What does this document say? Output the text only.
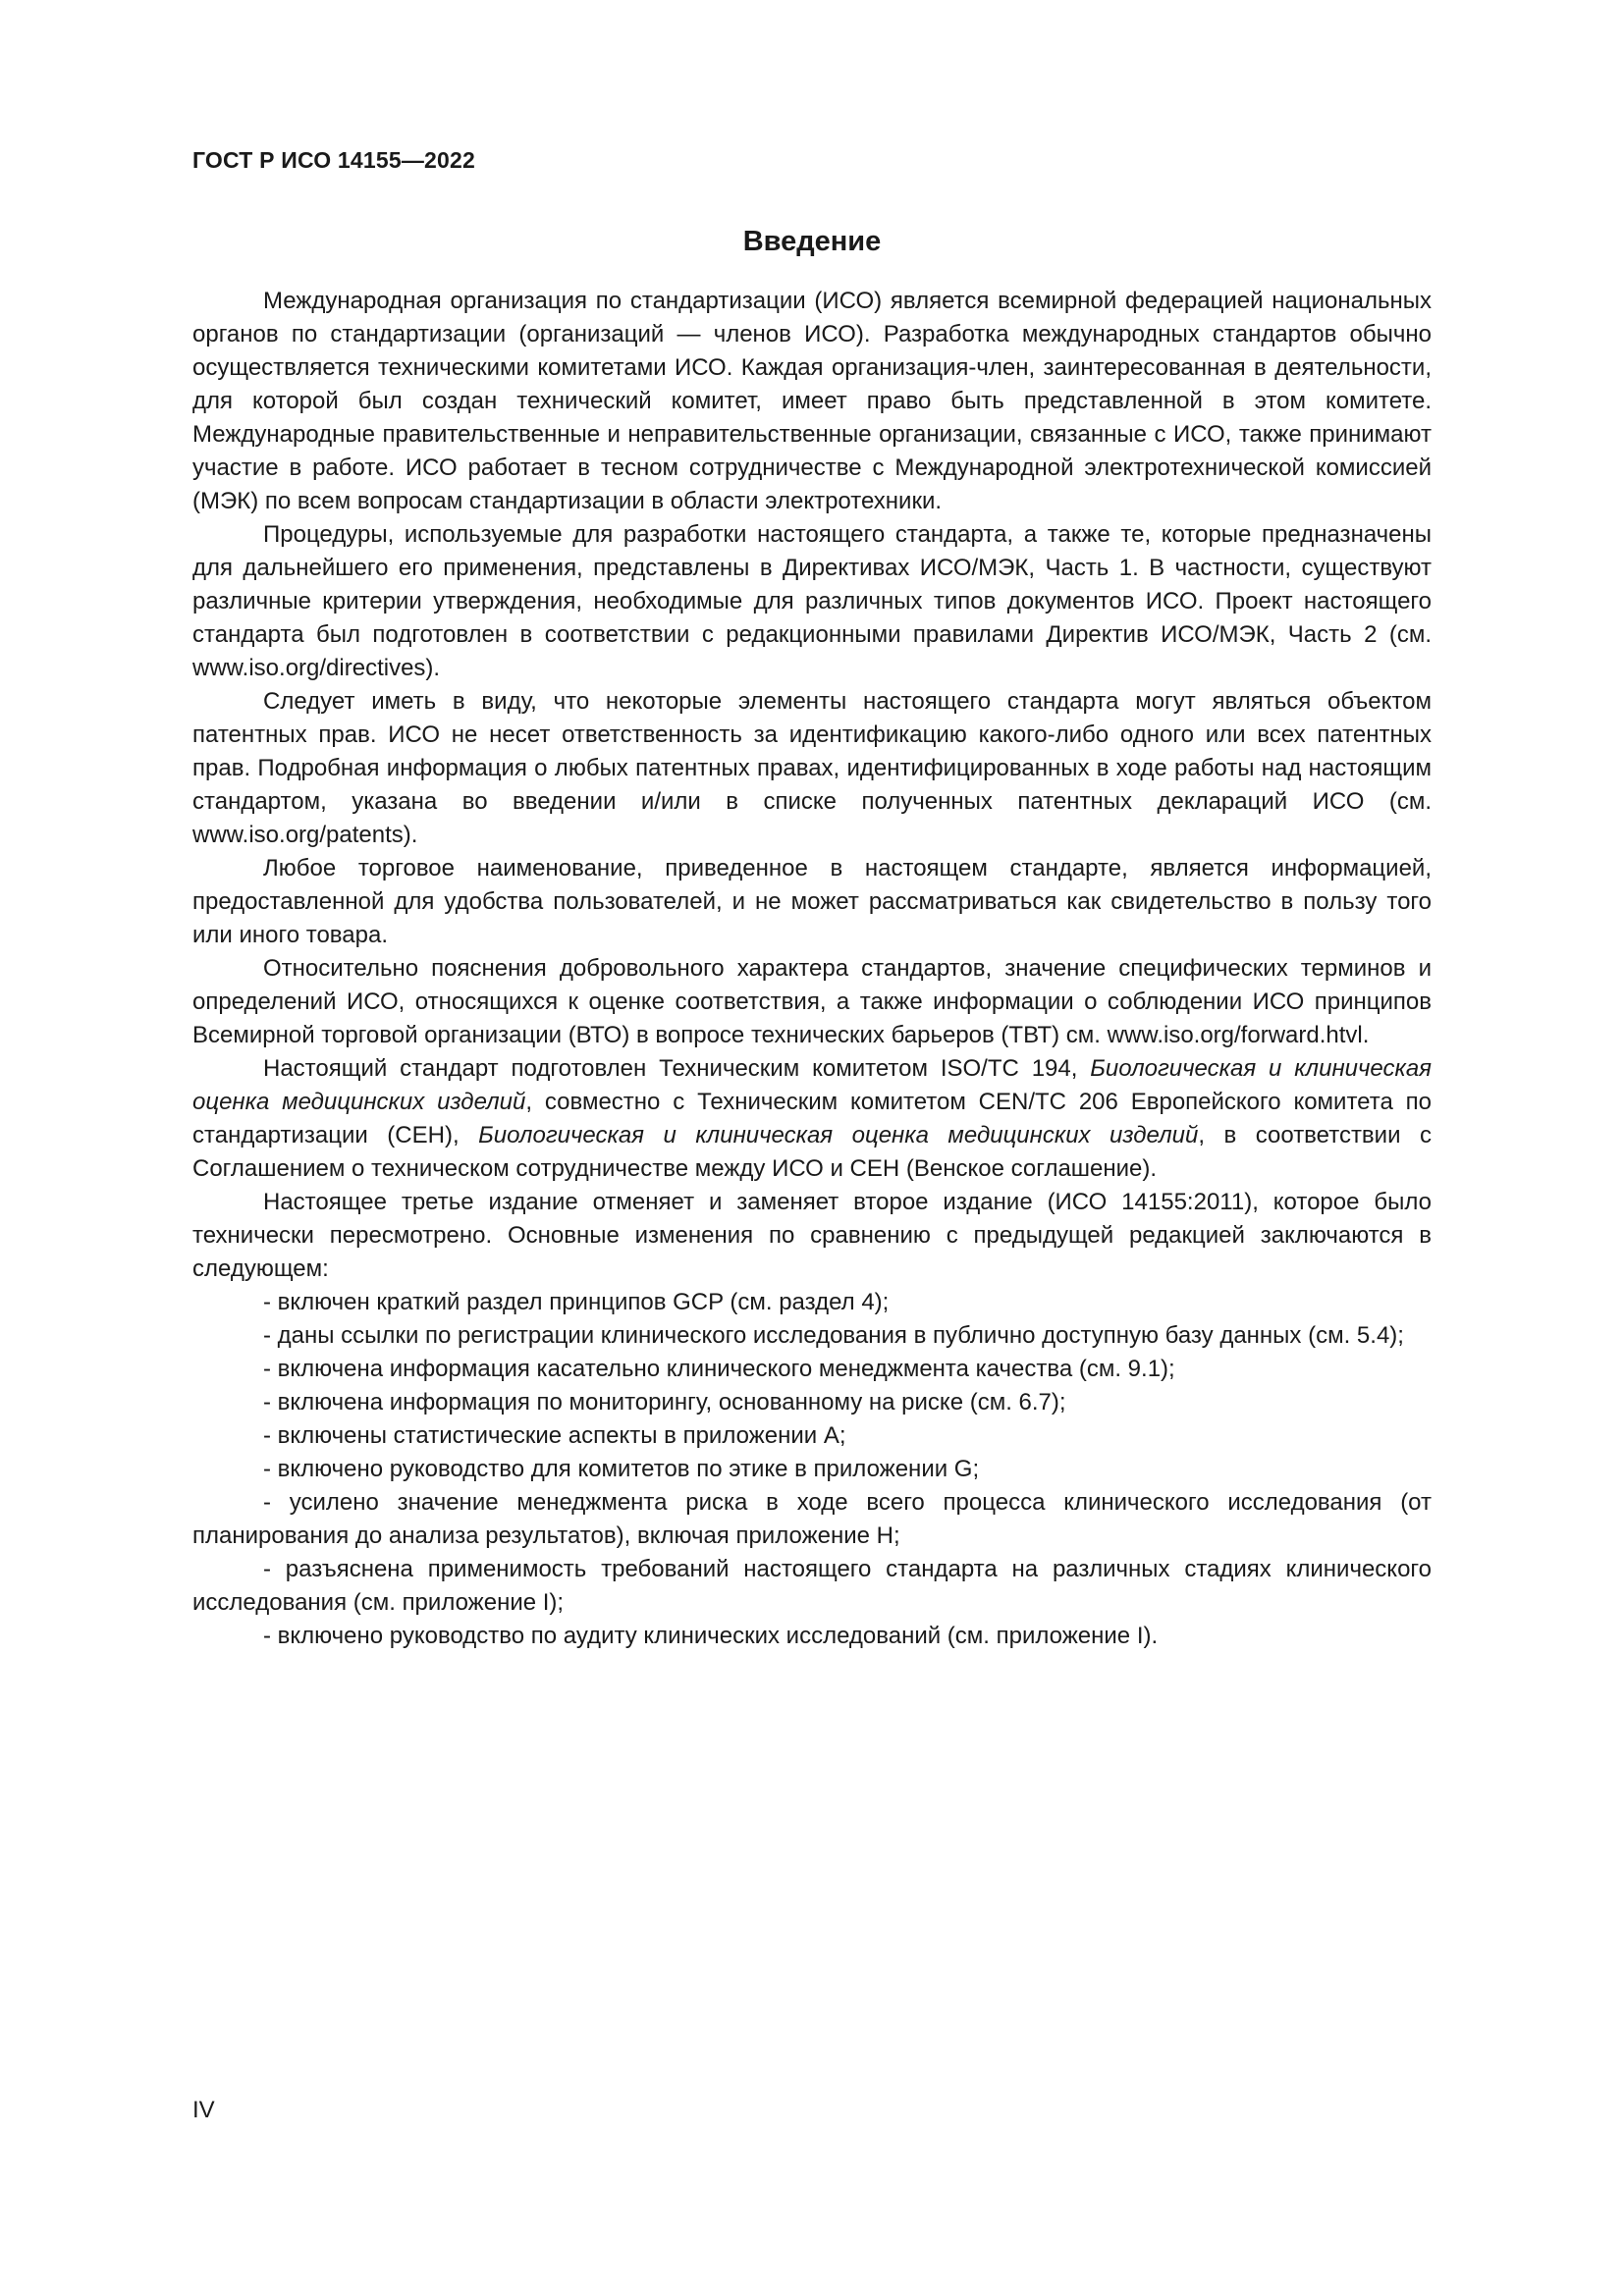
ГОСТ Р ИСО 14155—2022
Введение

Международная организация по стандартизации (ИСО) является всемирной федерацией национальных органов по стандартизации (организаций — членов ИСО). Разработка международных стандартов обычно осуществляется техническими комитетами ИСО. Каждая организация-член, заинтересованная в деятельности, для которой был создан технический комитет, имеет право быть представленной в этом комитете. Международные правительственные и неправительственные организации, связанные с ИСО, также принимают участие в работе. ИСО работает в тесном сотрудничестве с Международной электротехнической комиссией (МЭК) по всем вопросам стандартизации в области электротехники.

Процедуры, используемые для разработки настоящего стандарта, а также те, которые предназначены для дальнейшего его применения, представлены в Директивах ИСО/МЭК, Часть 1. В частности, существуют различные критерии утверждения, необходимые для различных типов документов ИСО. Проект настоящего стандарта был подготовлен в соответствии с редакционными правилами Директив ИСО/МЭК, Часть 2 (см. www.iso.org/directives).

Следует иметь в виду, что некоторые элементы настоящего стандарта могут являться объектом патентных прав. ИСО не несет ответственность за идентификацию какого-либо одного или всех патентных прав. Подробная информация о любых патентных правах, идентифицированных в ходе работы над настоящим стандартом, указана во введении и/или в списке полученных патентных деклараций ИСО (см. www.iso.org/patents).

Любое торговое наименование, приведенное в настоящем стандарте, является информацией, предоставленной для удобства пользователей, и не может рассматриваться как свидетельство в пользу того или иного товара.

Относительно пояснения добровольного характера стандартов, значение специфических терминов и определений ИСО, относящихся к оценке соответствия, а также информации о соблюдении ИСО принципов Всемирной торговой организации (ВТО) в вопросе технических барьеров (ТВТ) см. www.iso.org/forward.htvl.

Настоящий стандарт подготовлен Техническим комитетом ISO/TC 194, Биологическая и клиническая оценка медицинских изделий, совместно с Техническим комитетом CEN/TC 206 Европейского комитета по стандартизации (СЕН), Биологическая и клиническая оценка медицинских изделий, в соответствии с Соглашением о техническом сотрудничестве между ИСО и СЕН (Венское соглашение).

Настоящее третье издание отменяет и заменяет второе издание (ИСО 14155:2011), которое было технически пересмотрено. Основные изменения по сравнению с предыдущей редакцией заключаются в следующем:

- включен краткий раздел принципов GCP (см. раздел 4);

- даны ссылки по регистрации клинического исследования в публично доступную базу данных (см. 5.4);

- включена информация касательно клинического менеджмента качества (см. 9.1);

- включена информация по мониторингу, основанному на риске (см. 6.7);

- включены статистические аспекты в приложении А;

- включено руководство для комитетов по этике в приложении G;

- усилено значение менеджмента риска в ходе всего процесса клинического исследования (от планирования до анализа результатов), включая приложение Н;

- разъяснена применимость требований настоящего стандарта на различных стадиях клинического исследования (см. приложение I);

- включено руководство по аудиту клинических исследований (см. приложение I).

IV
